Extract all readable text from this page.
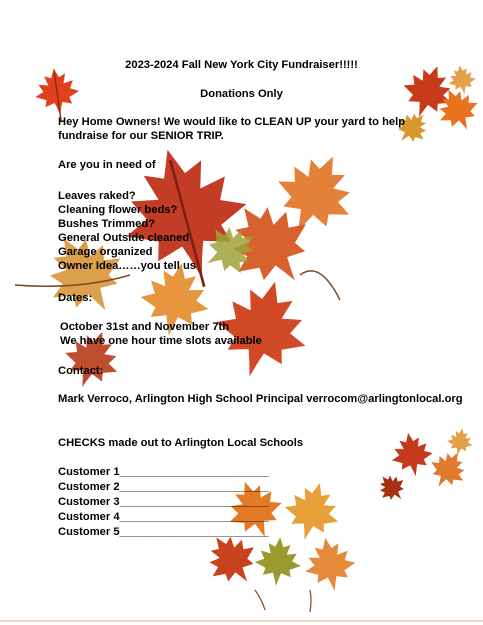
2023-2024 Fall New York City Fundraiser!!!!!
Donations Only
Hey Home Owners! We would like to CLEAN UP your yard to help
fundraise for our SENIOR TRIP.
Are you in need of
Leaves raked?
Cleaning flower beds?
Bushes Trimmed?
General Outside cleaned
Garage organized
Owner Idea……you tell us
Dates:
October 31st and November 7th
We have one hour time slots available
Contact:
Mark Verroco, Arlington High School Principal verrocom@arlingtonlocal.org
CHECKS made out to Arlington Local Schools
Customer 1________________________
Customer 2________________________
Customer 3________________________
Customer 4________________________
Customer 5________________________
